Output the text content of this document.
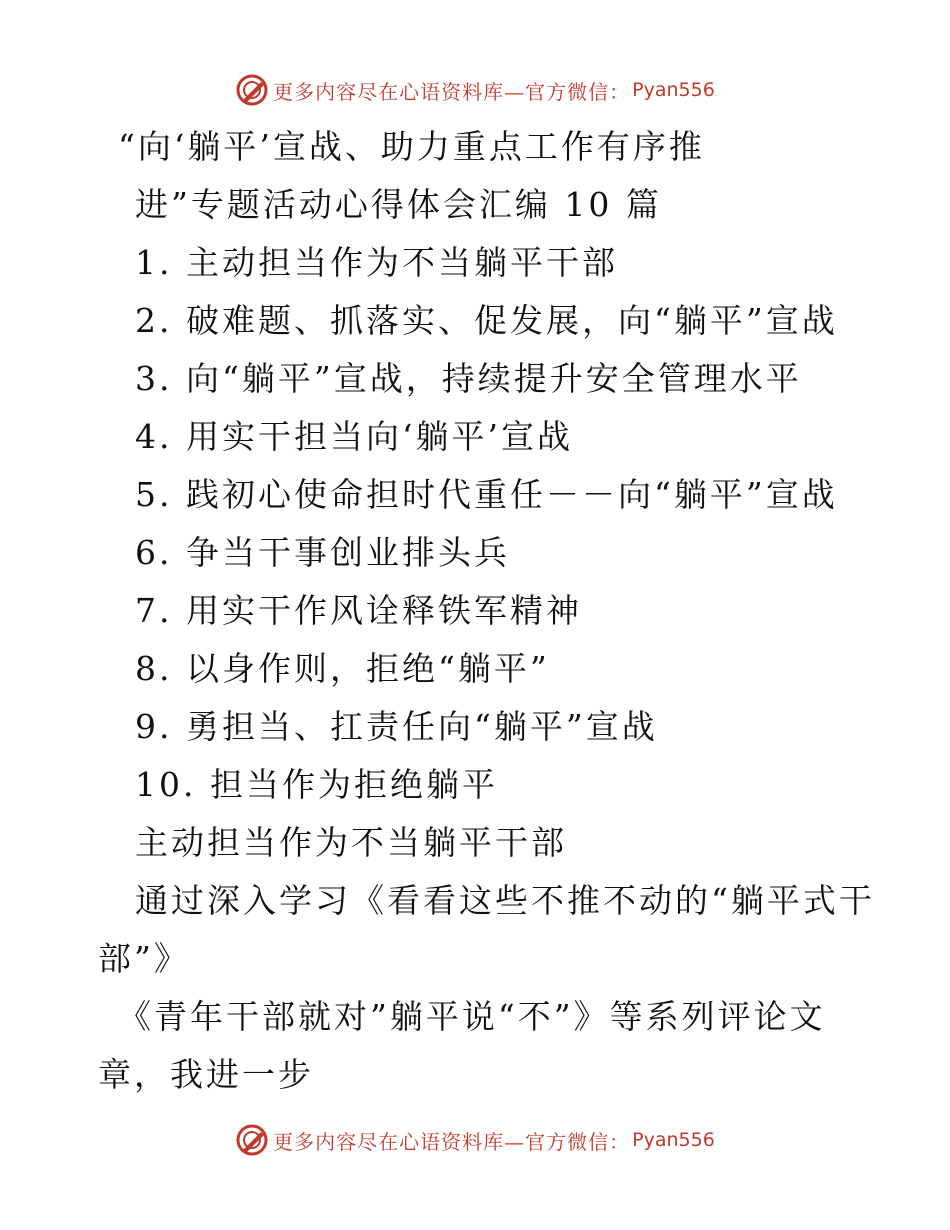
更多内容尽在心语资料库—官方微信： Pyan556
“向‘躺平’宣战、助力重点工作有序推
进”专题活动心得体会汇编 10 篇
1. 主动担当作为不当躺平干部
2. 破难题、抓落实、促发展，向“躺平”宣战
3. 向“躺平”宣战，持续提升安全管理水平
4. 用实干担当向‘躺平’宣战
5. 践初心使命担时代重任－－向“躺平”宣战
6. 争当干事创业排头兵
7. 用实干作风诠释铁军精神
8. 以身作则，拒绝“躺平”
9. 勇担当、扛责任向“躺平”宣战
10. 担当作为拒绝躺平
主动担当作为不当躺平干部
通过深入学习《看看这些不推不动的“躺平式干
部”》
《青年干部就对”躺平说“不”》等系列评论文
章，我进一步
更多内容尽在心语资料库—官方微信： Pyan556
